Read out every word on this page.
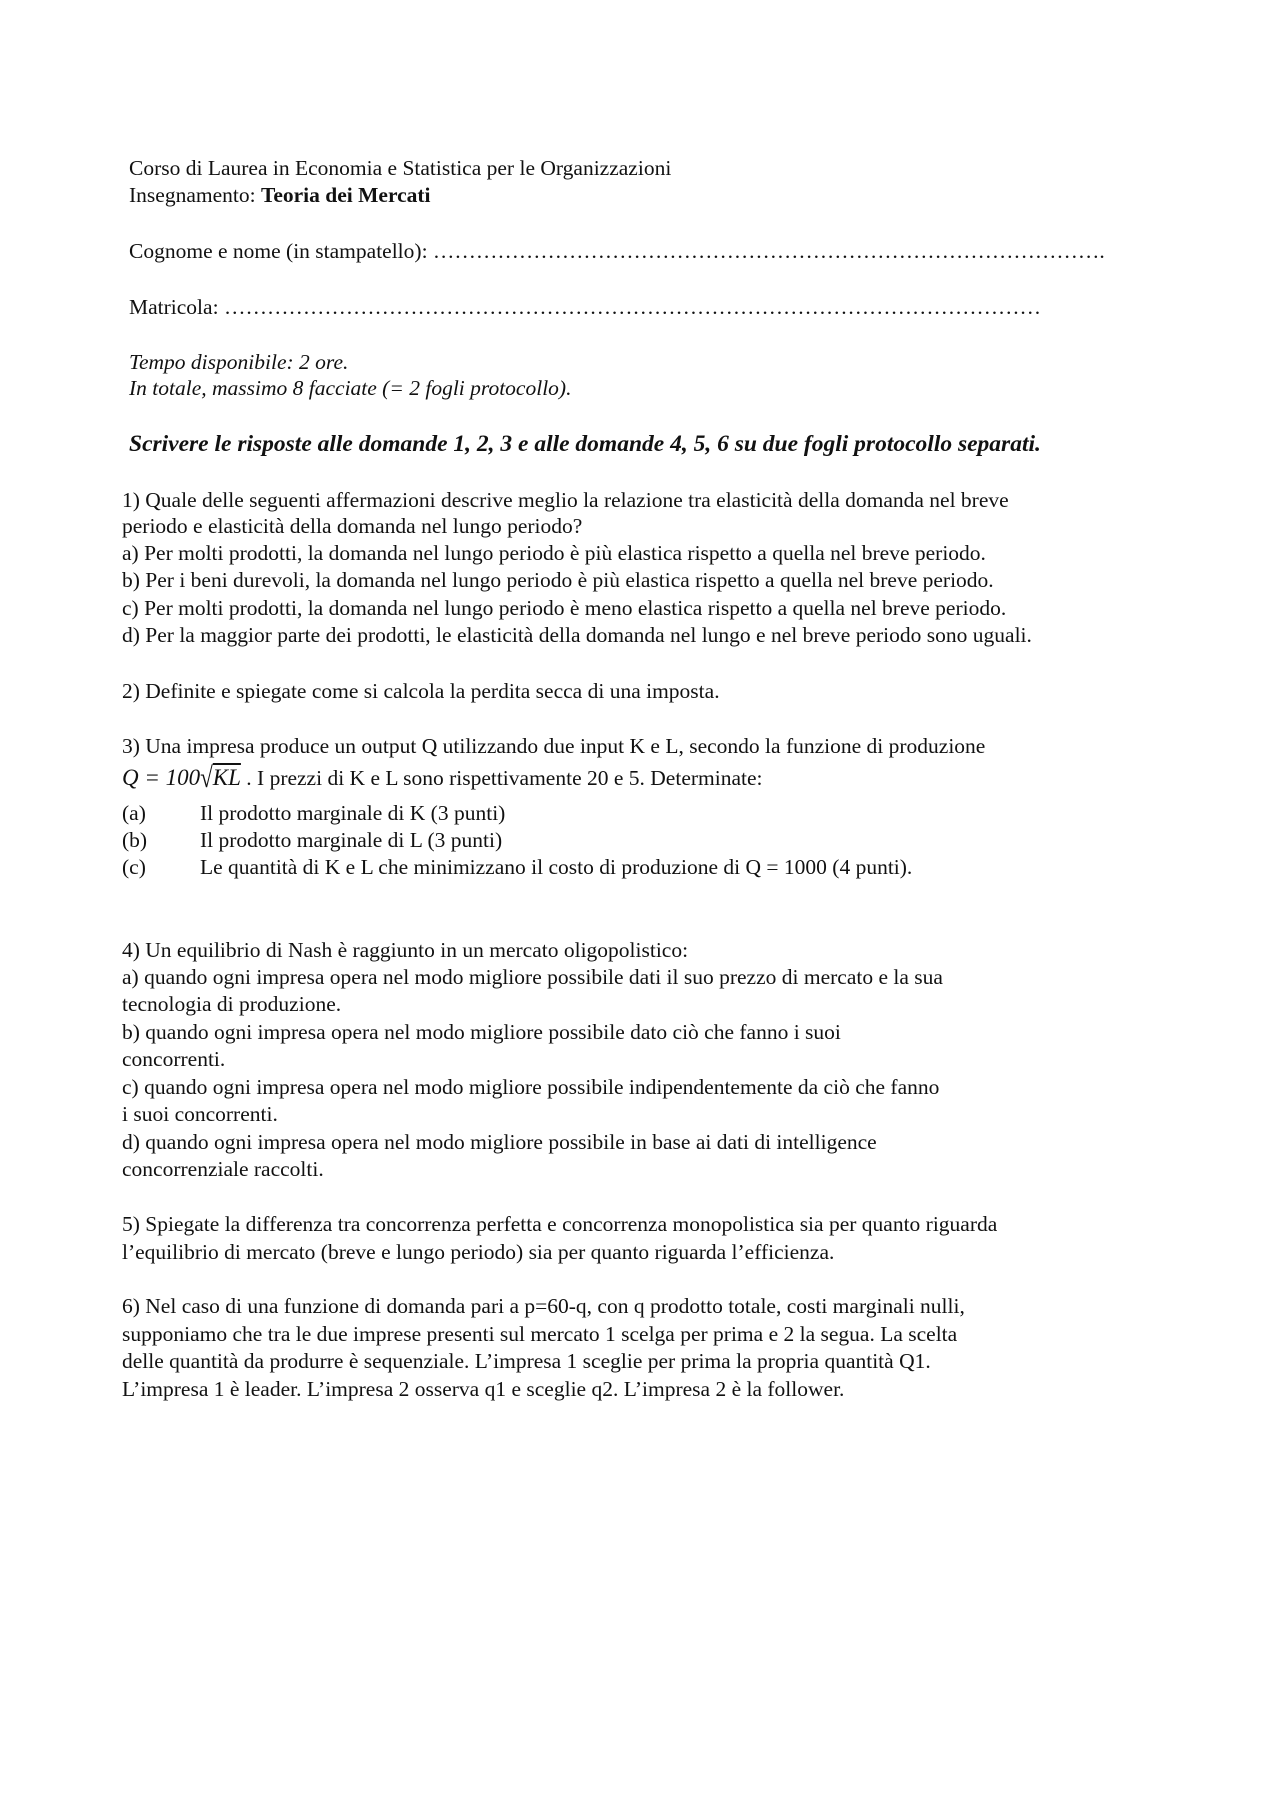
Corso di Laurea in Economia e Statistica per le Organizzazioni

Insegnamento: Teoria dei Mercati

Cognome e nome (in stampatello): ………………………………………………………………………………….

Matricola: ……………………………………………………………………………………………………

Tempo disponibile: 2 ore.

In totale, massimo 8 facciate (= 2 fogli protocollo).

Scrivere le risposte alle domande 1, 2, 3 e alle domande 4, 5, 6 su due fogli protocollo separati.

1) Quale delle seguenti affermazioni descrive meglio la relazione tra elasticità della domanda nel breve

periodo e elasticità della domanda nel lungo periodo?

a) Per molti prodotti, la domanda nel lungo periodo è più elastica rispetto a quella nel breve periodo.

b) Per i beni durevoli, la domanda nel lungo periodo è più elastica rispetto a quella nel breve periodo.

c) Per molti prodotti, la domanda nel lungo periodo è meno elastica rispetto a quella nel breve periodo.

d) Per la maggior parte dei prodotti, le elasticità della domanda nel lungo e nel breve periodo sono uguali.

2) Definite e spiegate come si calcola la perdita secca di una imposta.

3) Una impresa produce un output Q utilizzando due input K e L, secondo la funzione di produzione

Q = 100√KL . I prezzi di K e L sono rispettivamente 20 e 5. Determinate:

(a)	Il prodotto marginale di K (3 punti)

(b) Il prodotto marginale di L (3 punti)

(c)	Le quantità di K e L che minimizzano il costo di produzione di Q = 1000 (4 punti).

4) Un equilibrio di Nash è raggiunto in un mercato oligopolistico:

a) quando ogni impresa opera nel modo migliore possibile dati il suo prezzo di mercato e la sua

tecnologia di produzione.

b) quando ogni impresa opera nel modo migliore possibile dato ciò che fanno i suoi

concorrenti.

c) quando ogni impresa opera nel modo migliore possibile indipendentemente da ciò che fanno

i suoi concorrenti.

d) quando ogni impresa opera nel modo migliore possibile in base ai dati di intelligence

concorrenziale raccolti.

5) Spiegate la differenza tra concorrenza perfetta e concorrenza monopolistica sia per quanto riguarda

l’equilibrio di mercato (breve e lungo periodo) sia per quanto riguarda l’efficienza.

6) Nel caso di una funzione di domanda pari a p=60-q, con q prodotto totale, costi marginali nulli,

supponiamo che tra le due imprese presenti sul mercato 1 scelga per prima e 2 la segua. La scelta

delle quantità da produrre è sequenziale. L’impresa 1 sceglie per prima la propria quantità Q1.

L’impresa 1 è leader. L’impresa 2 osserva q1 e sceglie q2. L’impresa 2 è la follower.
